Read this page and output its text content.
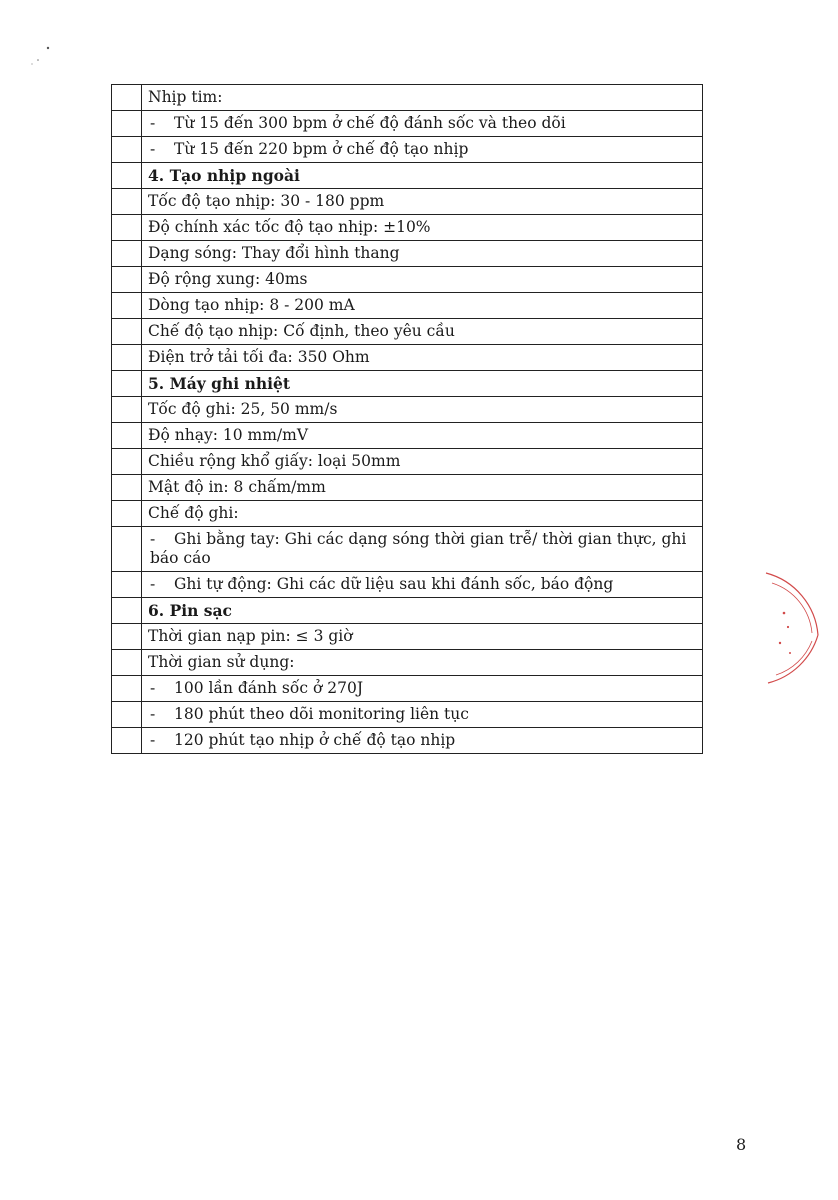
	Nhịp tim:
	- Từ 15 đến 300 bpm ở chế độ đánh sốc và theo dõi
	- Từ 15 đến 220 bpm ở chế độ tạo nhịp
	4. Tạo nhịp ngoài
	Tốc độ tạo nhịp: 30 - 180 ppm
	Độ chính xác tốc độ tạo nhịp: ±10%
	Dạng sóng: Thay đổi hình thang
	Độ rộng xung: 40ms
	Dòng tạo nhịp: 8 - 200 mA
	Chế độ tạo nhịp: Cố định, theo yêu cầu
	Điện trở tải tối đa: 350 Ohm
	5. Máy ghi nhiệt
	Tốc độ ghi: 25, 50 mm/s
	Độ nhạy: 10 mm/mV
	Chiều rộng khổ giấy: loại 50mm
	Mật độ in: 8 chấm/mm
	Chế độ ghi:
	- Ghi bằng tay: Ghi các dạng sóng thời gian trễ/ thời gian thực, ghi báo cáo
	- Ghi tự động: Ghi các dữ liệu sau khi đánh sốc, báo động
	6. Pin sạc
	Thời gian nạp pin: ≤ 3 giờ
	Thời gian sử dụng:
	- 100 lần đánh sốc ở 270J
	- 180 phút theo dõi monitoring liên tục
	- 120 phút tạo nhịp ở chế độ tạo nhịp
8
